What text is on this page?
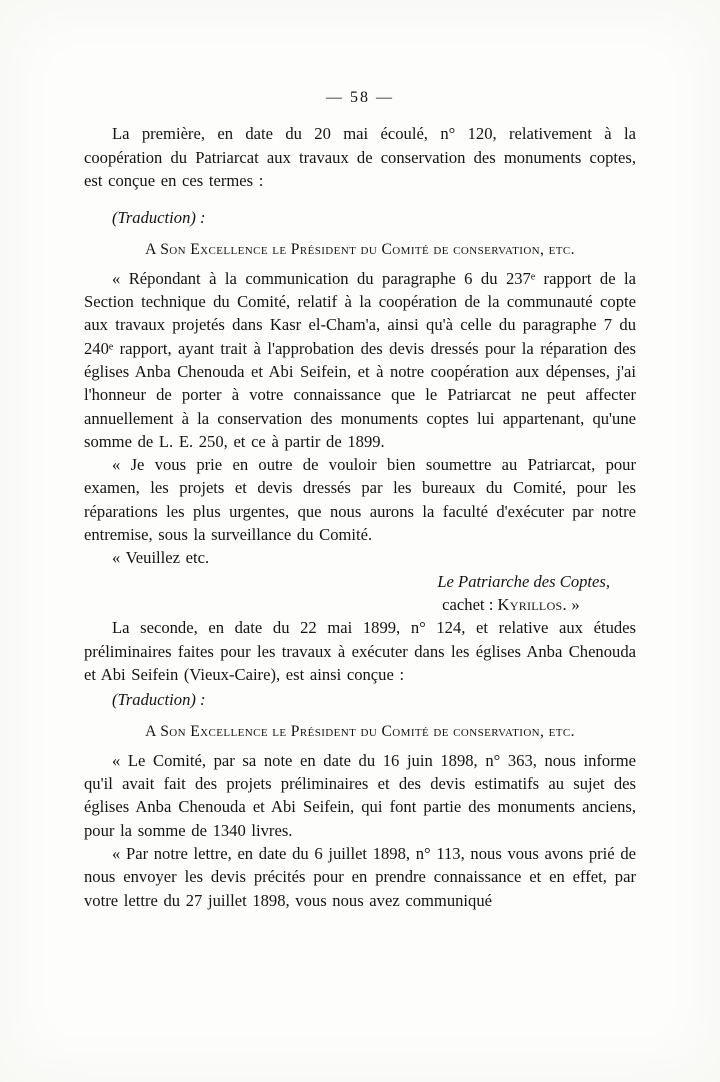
— 58 —

La première, en date du 20 mai écoulé, n° 120, relativement à la coopération du Patriarcat aux travaux de conservation des monuments coptes, est conçue en ces termes :

(Traduction) :

A Son Excellence le Président du Comité de conservation, etc.

« Répondant à la communication du paragraphe 6 du 237ᵉ rapport de la Section technique du Comité, relatif à la coopération de la communauté copte aux travaux projetés dans Kasr el-Cham'a, ainsi qu'à celle du paragraphe 7 du 240ᵉ rapport, ayant trait à l'approbation des devis dressés pour la réparation des églises Anba Chenouda et Abi Seifein, et à notre coopération aux dépenses, j'ai l'honneur de porter à votre connaissance que le Patriarcat ne peut affecter annuellement à la conservation des monuments coptes lui appartenant, qu'une somme de L. E. 250, et ce à partir de 1899.

« Je vous prie en outre de vouloir bien soumettre au Patriarcat, pour examen, les projets et devis dressés par les bureaux du Comité, pour les réparations les plus urgentes, que nous aurons la faculté d'exécuter par notre entremise, sous la surveillance du Comité.

« Veuillez etc.

Le Patriarche des Coptes,
cachet : Kyrillos. »

La seconde, en date du 22 mai 1899, n° 124, et relative aux études préliminaires faites pour les travaux à exécuter dans les églises Anba Chenouda et Abi Seifein (Vieux-Caire), est ainsi conçue :

(Traduction) :

A Son Excellence le Président du Comité de conservation, etc.

« Le Comité, par sa note en date du 16 juin 1898, n° 363, nous informe qu'il avait fait des projets préliminaires et des devis estimatifs au sujet des églises Anba Chenouda et Abi Seifein, qui font partie des monuments anciens, pour la somme de 1340 livres.

« Par notre lettre, en date du 6 juillet 1898, n° 113, nous vous avons prié de nous envoyer les devis précités pour en prendre connaissance et en effet, par votre lettre du 27 juillet 1898, vous nous avez communiqué
